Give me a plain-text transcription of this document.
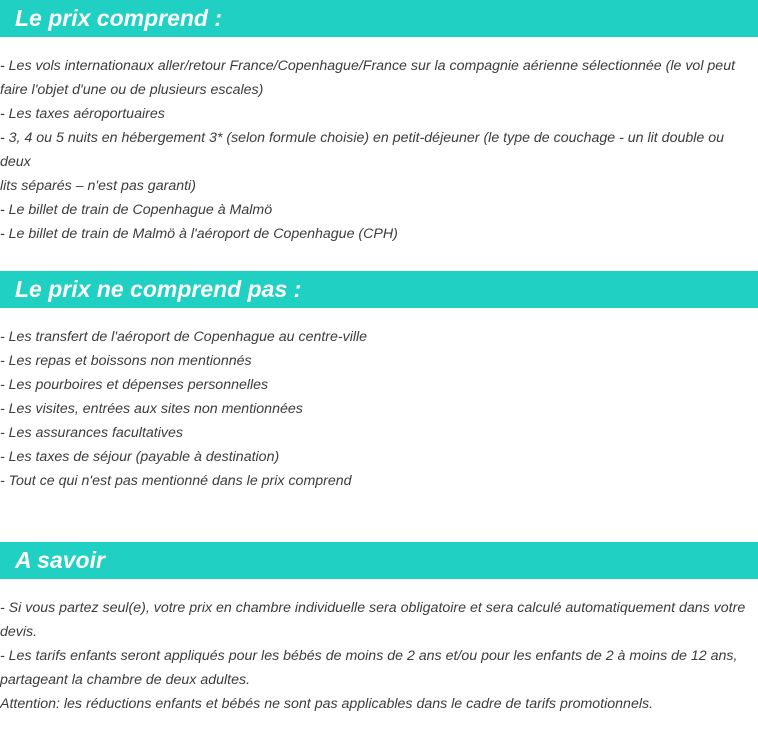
Le prix comprend :
- Les vols internationaux aller/retour France/Copenhague/France sur la compagnie aérienne sélectionnée (le vol peut
faire l'objet d'une ou de plusieurs escales)
- Les taxes aéroportuaires
- 3, 4 ou 5 nuits en hébergement 3* (selon formule choisie) en petit-déjeuner (le type de couchage - un lit double ou deux
lits séparés – n'est pas garanti)
- Le billet de train de Copenhague à Malmö
- Le billet de train de Malmö à l'aéroport de Copenhague (CPH)
Le prix ne comprend pas :
- Les transfert de l'aéroport de Copenhague au centre-ville
- Les repas et boissons non mentionnés
- Les pourboires et dépenses personnelles
- Les visites, entrées aux sites non mentionnées
- Les assurances facultatives
- Les taxes de séjour (payable à destination)
- Tout ce qui n'est pas mentionné dans le prix comprend
A savoir
- Si vous partez seul(e), votre prix en chambre individuelle sera obligatoire et sera calculé automatiquement dans votre
devis.
- Les tarifs enfants seront appliqués pour les bébés de moins de 2 ans et/ou pour les enfants de 2 à moins de 12 ans,
partageant la chambre de deux adultes.
Attention: les réductions enfants et bébés ne sont pas applicables dans le cadre de tarifs promotionnels.
